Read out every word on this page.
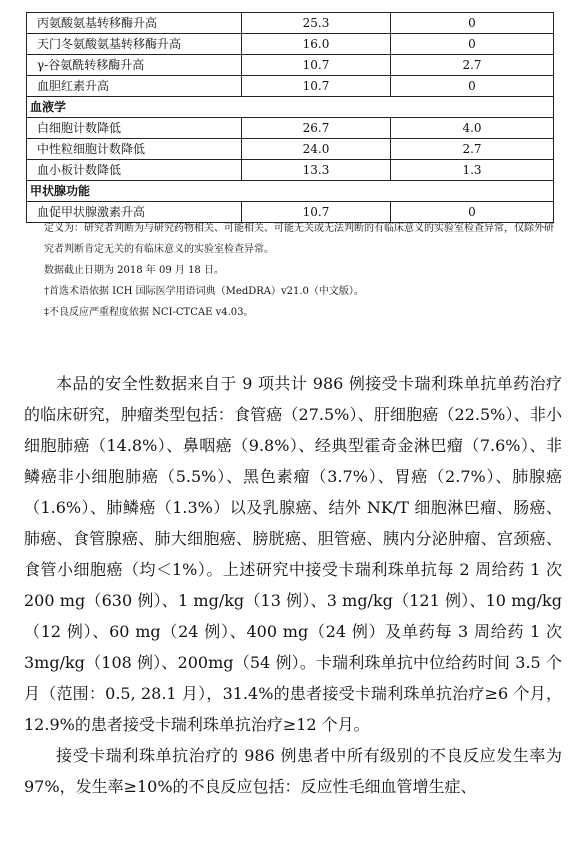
丙氨酸氨基转移酶升高	25.3	0
天门冬氨酸氨基转移酶升高	16.0	0
γ-谷氨酰转移酶升高	10.7	2.7
血胆红素升高	10.7	0
血液学		
白细胞计数降低	26.7	4.0
中性粒细胞计数降低	24.0	2.7
血小板计数降低	13.3	1.3
甲状腺功能		
血促甲状腺激素升高	10.7	0

定义为：研究者判断为与研究药物相关、可能相关、可能无关或无法判断的有临床意义的实验室检查异常，仅除外研究者判断肯定无关的有临床意义的实验室检查异常。

数据截止日期为 2018 年 09 月 18 日。

†首选术语依据 ICH 国际医学用语词典（MedDRA）v21.0（中文版）。

‡不良反应严重程度依据 NCI-CTCAE v4.03。

本品的安全性数据来自于 9 项共计 986 例接受卡瑞利珠单抗单药治疗的临床研究，肿瘤类型包括：食管癌（27.5%）、肝细胞癌（22.5%）、非小细胞肺癌（14.8%）、鼻咽癌（9.8%）、经典型霍奇金淋巴瘤（7.6%）、非鳞癌非小细胞肺癌（5.5%）、黑色素瘤（3.7%）、胃癌（2.7%）、肺腺癌（1.6%）、肺鳞癌（1.3%）以及乳腺癌、结外 NK/T 细胞淋巴瘤、肠癌、肺癌、食管腺癌、肺大细胞癌、膀胱癌、胆管癌、胰内分泌肿瘤、宫颈癌、食管小细胞癌（均＜1%）。上述研究中接受卡瑞利珠单抗每 2 周给药 1 次 200 mg（630 例）、1 mg/kg（13 例）、3 mg/kg（121 例）、10 mg/kg（12 例）、60 mg（24 例）、400 mg（24 例）及单药每 3 周给药 1 次 3mg/kg（108 例）、200mg（54 例）。卡瑞利珠单抗中位给药时间 3.5 个月（范围：0.5, 28.1 月），31.4%的患者接受卡瑞利珠单抗治疗≥6 个月，12.9%的患者接受卡瑞利珠单抗治疗≥12 个月。

接受卡瑞利珠单抗治疗的 986 例患者中所有级别的不良反应发生率为 97%，发生率≥10%的不良反应包括：反应性毛细血管增生症、
